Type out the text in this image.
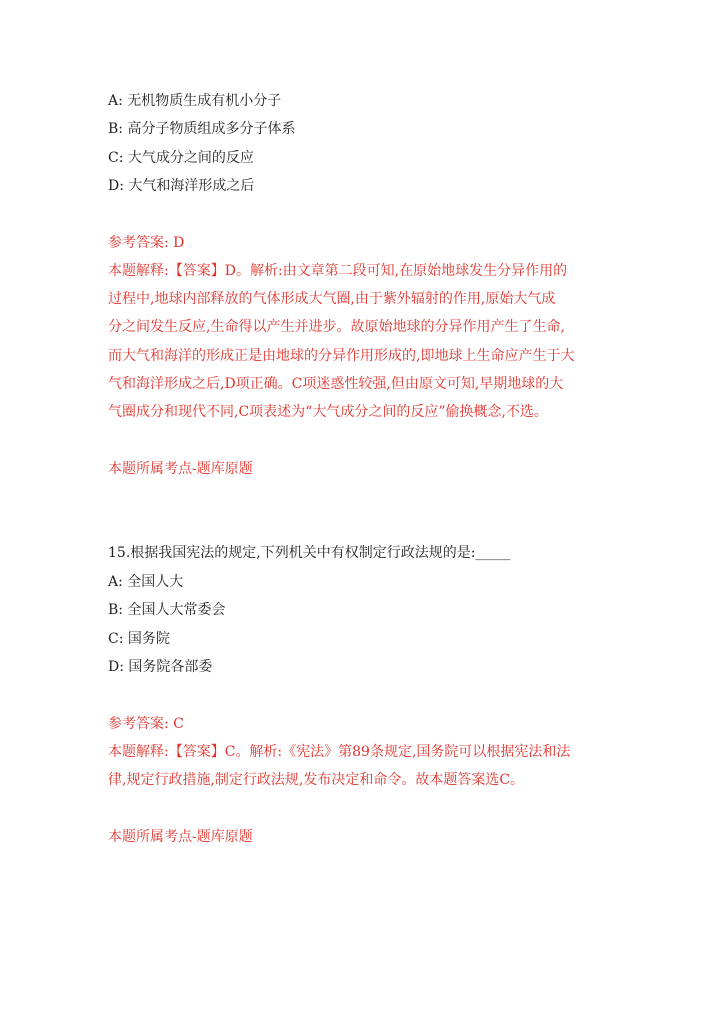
A: 无机物质生成有机小分子
B: 高分子物质组成多分子体系
C: 大气成分之间的反应
D: 大气和海洋形成之后
参考答案: D
本题解释:【答案】D。解析:由文章第二段可知,在原始地球发生分异作用的
过程中,地球内部释放的气体形成大气圈,由于紫外辐射的作用,原始大气成
分之间发生反应,生命得以产生并进步。故原始地球的分异作用产生了生命,
而大气和海洋的形成正是由地球的分异作用形成的,即地球上生命应产生于大
气和海洋形成之后,D项正确。C项迷惑性较强,但由原文可知,早期地球的大
气圈成分和现代不同,C项表述为“大气成分之间的反应”偷换概念,不选。
本题所属考点-题库原题
15.根据我国宪法的规定,下列机关中有权制定行政法规的是:_____
A: 全国人大
B: 全国人大常委会
C: 国务院
D: 国务院各部委
参考答案: C
本题解释:【答案】C。解析:《宪法》第89条规定,国务院可以根据宪法和法
律,规定行政措施,制定行政法规,发布决定和命令。故本题答案选C。
本题所属考点-题库原题
